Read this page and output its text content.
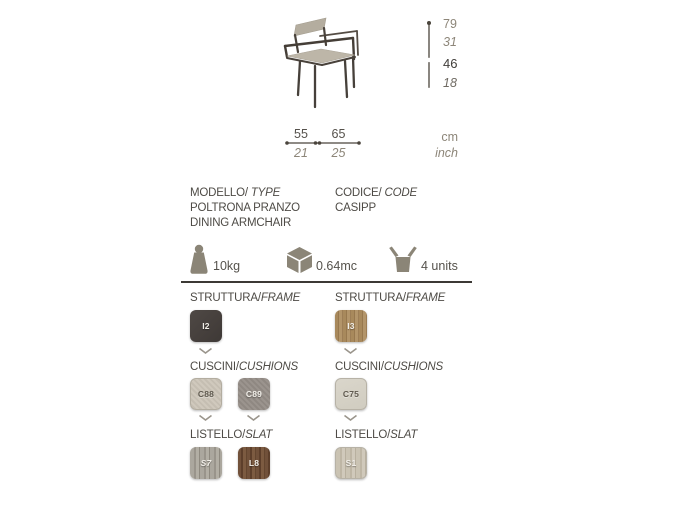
79
31
46
18
55	65
21	25
cm
inch
MODELLO/ TYPE
POLTRONA PRANZO
DINING ARMCHAIR
CODICE/ CODE
CASIPP
10kg	0.64mc	4 units
STRUTTURA/FRAME
I2
CUSCINI/CUSHIONS
C88	C89
LISTELLO/SLAT
S7	L8
STRUTTURA/FRAME
I3
CUSCINI/CUSHIONS
C75
LISTELLO/SLAT
S1
